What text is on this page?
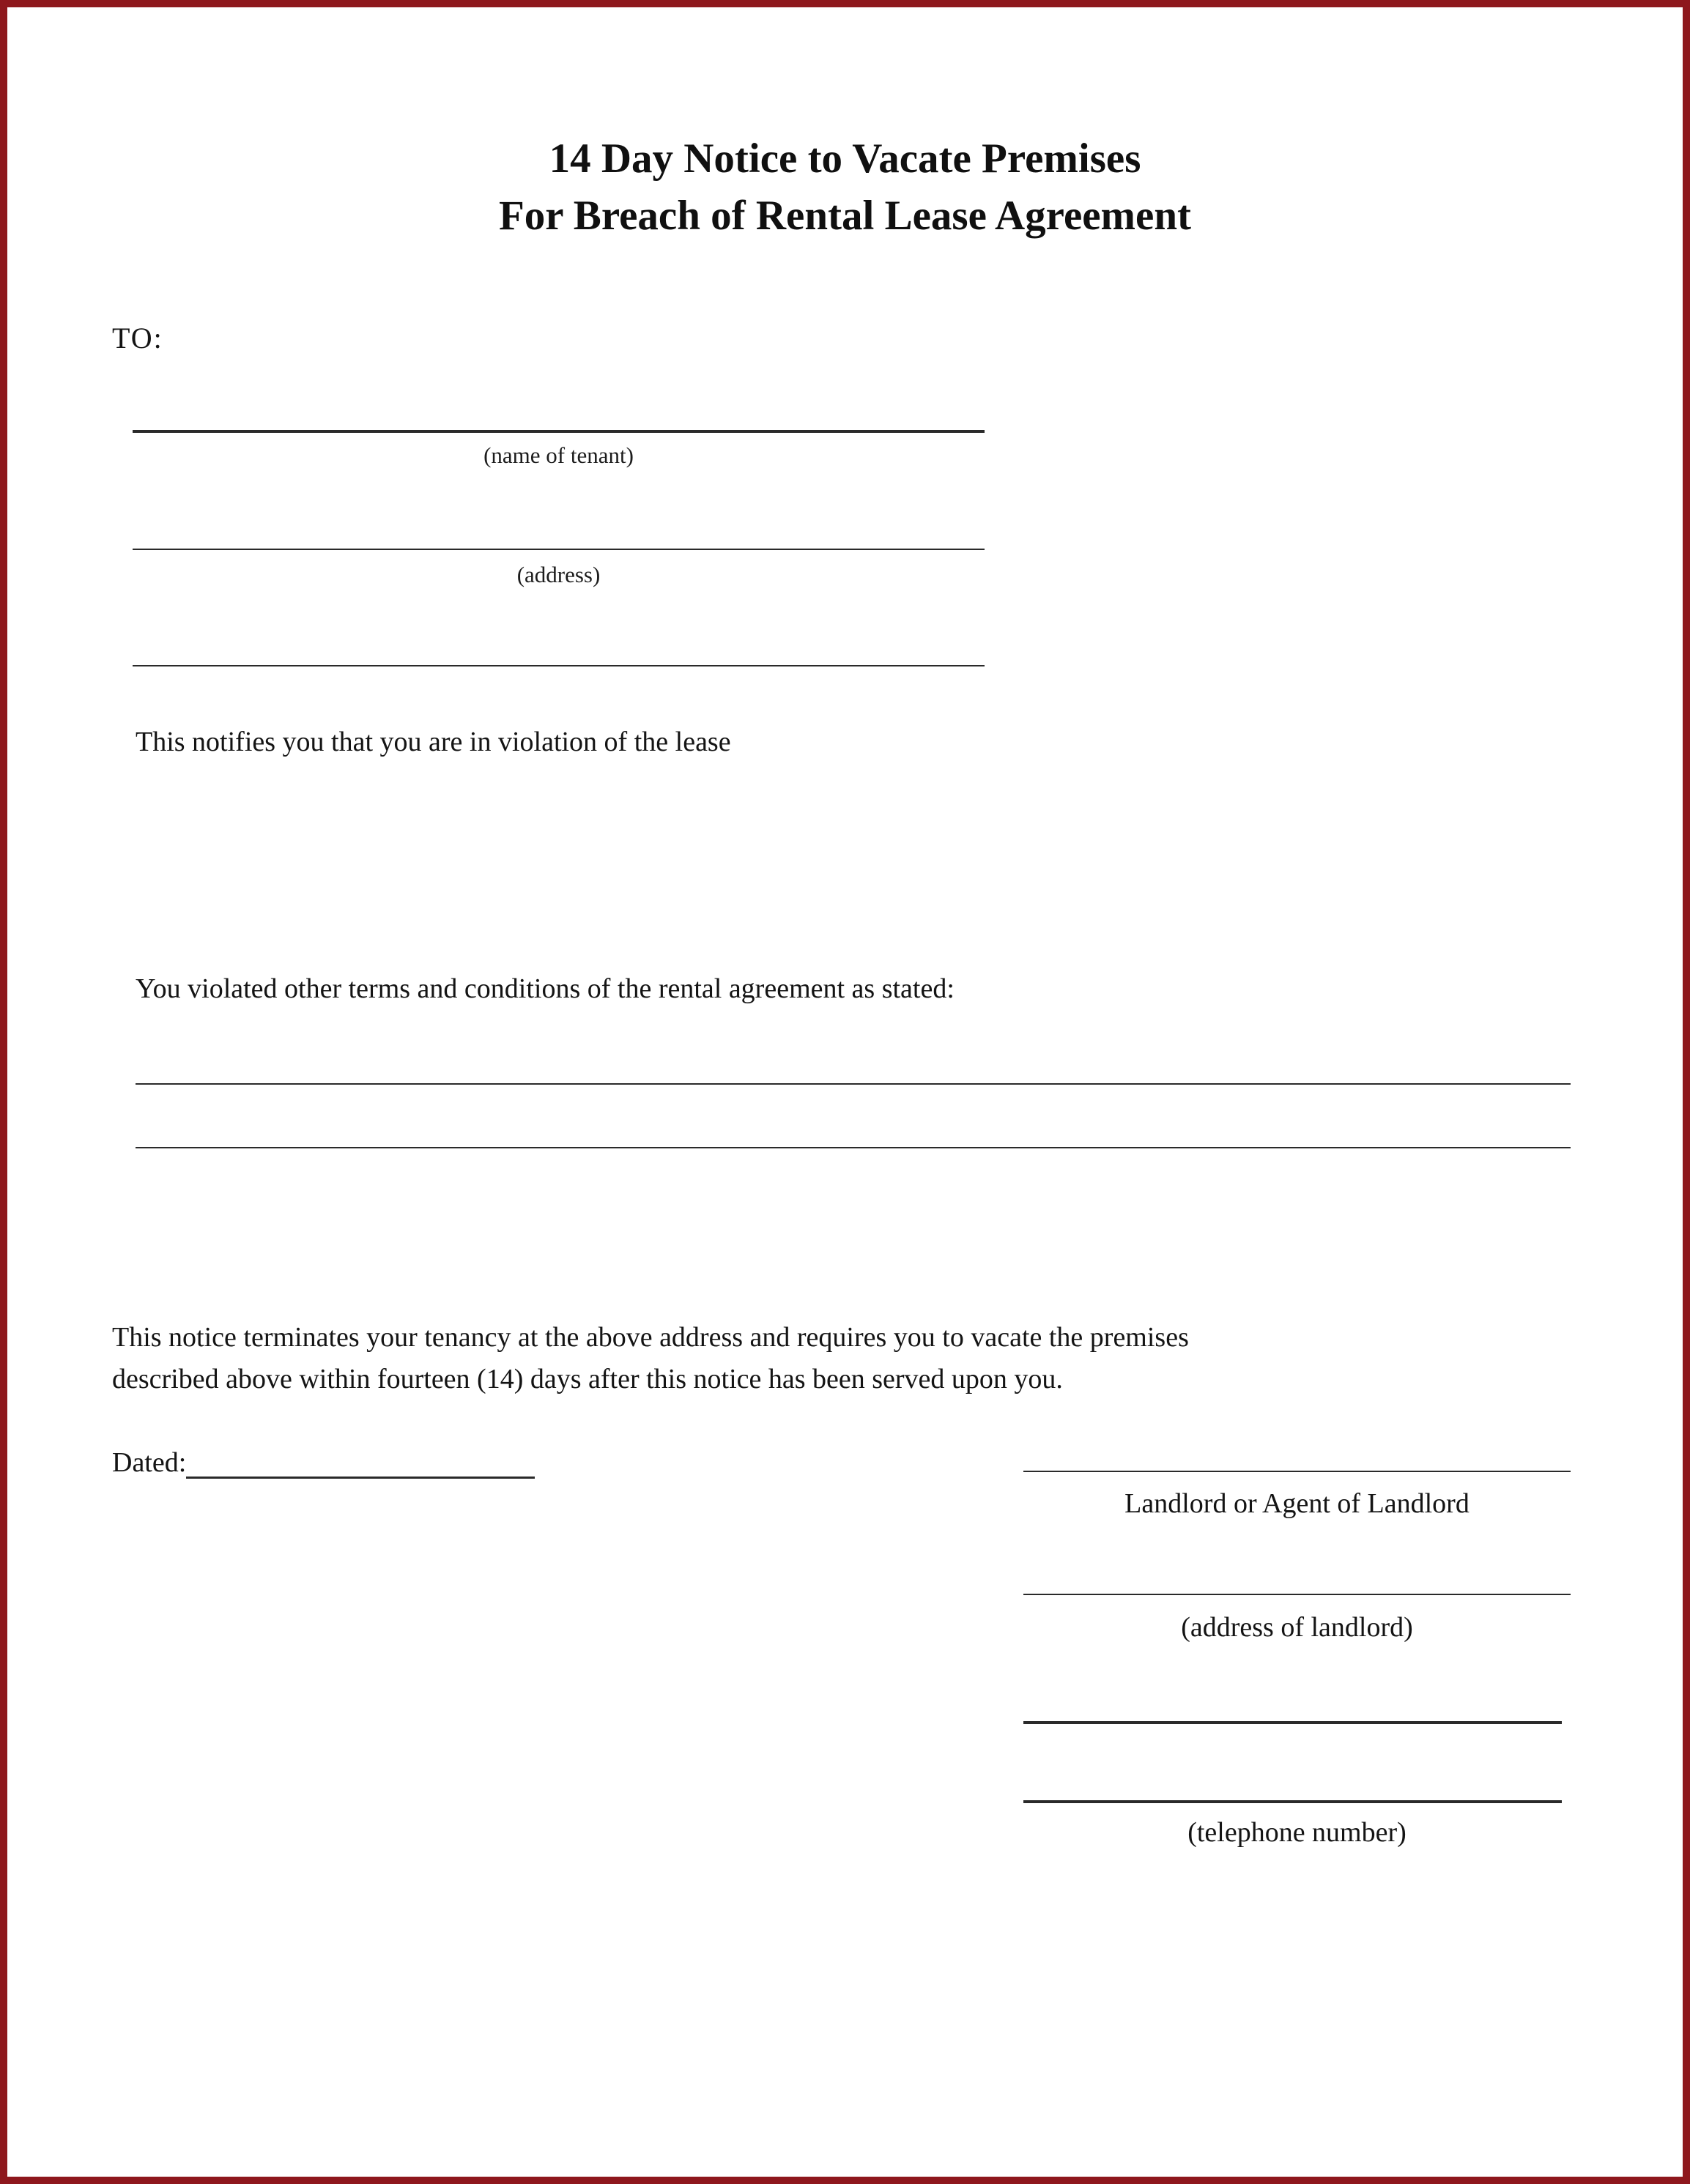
14 Day Notice to Vacate Premises
For Breach of Rental Lease Agreement
TO:
(name of tenant)
(address)
This notifies you that you are in violation of the lease
You violated other terms and conditions of the rental agreement as stated:
This notice terminates your tenancy at the above address and requires you to vacate the premises
described above within fourteen (14) days after this notice has been served upon you.
Dated:
Landlord or Agent of Landlord
(address of landlord)
(telephone number)
